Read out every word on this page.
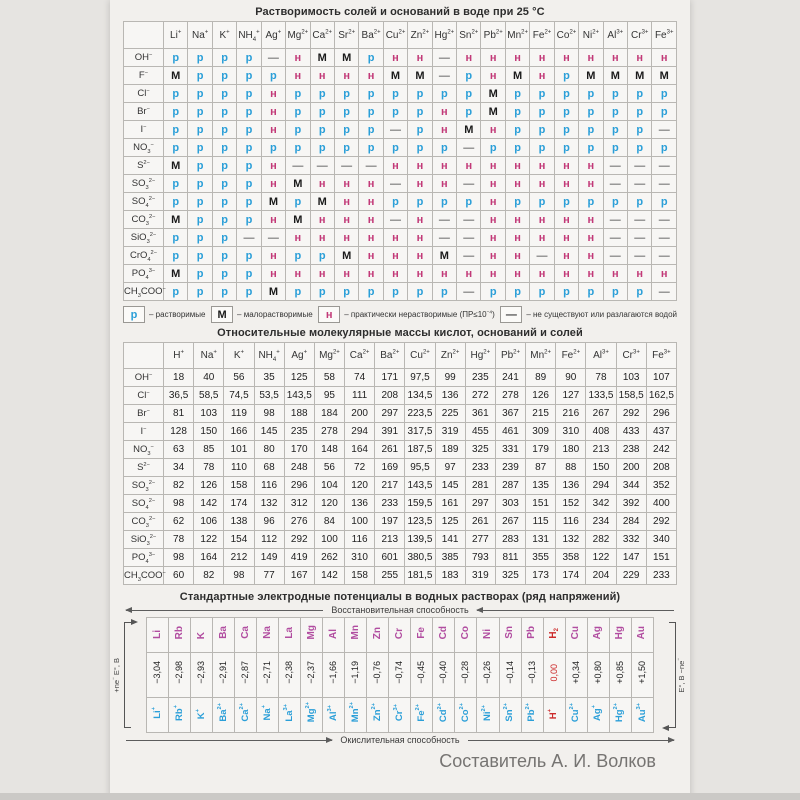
Растворимость солей и оснований в воде при 25 °С
	Li+	Na+	K+	$NH_4^+$	Ag+	$Mg^{2+}$	$Ca^{2+}$	$Sr^{2+}$	$Ba^{2+}$	$Cu^{2+}$	$Zn^{2+}$	$Hg^{2+}$	$Sn^{2+}$	$Pb^{2+}$	$Mn^{2+}$	$Fe^{2+}$	$Co^{2+}$	$Ni^{2+}$	$Al^{3+}$	$Cr^{3+}$	$Fe^{3+}$
OH−	р	р	р	р	—	н	М	М	р	н	н	—	н	н	н	н	н	н	н	н	н
F−	М	р	р	р	р	н	н	н	н	М	М	—	р	н	М	н	р	М	М	М	М
Cl−	р	р	р	р	н	р	р	р	р	р	р	р	р	М	р	р	р	р	р	р	р
Br−	р	р	р	р	н	р	р	р	р	р	р	н	р	М	р	р	р	р	р	р	р
I−	р	р	р	р	н	р	р	р	р	—	р	н	М	н	р	р	р	р	р	р	—
$NO_3^-$	р	р	р	р	р	р	р	р	р	р	р	р	—	р	р	р	р	р	р	р	р
$S^{2-}$	М	р	р	р	н	—	—	—	—	н	н	н	н	н	н	н	н	н	—	—	—
$SO_3^{2-}$	р	р	р	р	н	М	н	н	н	—	н	н	—	н	н	н	н	н	—	—	—
$SO_4^{2-}$	р	р	р	р	М	р	М	н	н	р	р	р	р	н	р	р	р	р	р	р	р
$CO_3^{2-}$	М	р	р	р	н	М	н	н	н	—	н	—	—	н	н	н	н	н	—	—	—
SiO$_3^{2-}$	р	р	р	—	—	н	н	н	н	н	н	—	—	н	н	н	н	н	—	—	—
CrO$_4^{2-}$	р	р	р	р	н	р	р	М	н	н	н	М	—	н	н	—	н	н	—	—	—
$PO_4^{3-}$	М	р	р	р	н	н	н	н	н	н	н	н	н	н	н	н	н	н	н	н	н
$CH_3COO^-$	р	р	р	р	М	р	р	р	р	р	р	р	—	р	р	р	р	р	р	р	—
р	– растворимые	М	– малорастворимые	н	– практически нерастворимые $(ПР\le 10^{-4})$	—	– не существуют или разлагаются водой
Относительные молекулярные массы кислот, оснований и солей
	H+	Na+	K+	$NH_4^+$	Ag+	$Mg^{2+}$	$Ca^{2+}$	$Ba^{2+}$	$Cu^{2+}$	$Zn^{2+}$	$Hg^{2+}$	$Pb^{2+}$	$Mn^{2+}$	$Fe^{2+}$	$Al^{3+}$	$Cr^{3+}$	$Fe^{3+}$
OH−	18	40	56	35	125	58	74	171	97,5	99	235	241	89	90	78	103	107
Cl−	36,5	58,5	74,5	53,5	143,5	95	111	208	134,5	136	272	278	126	127	133,5	158,5	162,5
Br−	81	103	119	98	188	184	200	297	223,5	225	361	367	215	216	267	292	296
I−	128	150	166	145	235	278	294	391	317,5	319	455	461	309	310	408	433	437
$NO_3^-$	63	85	101	80	170	148	164	261	187,5	189	325	331	179	180	213	238	242
$S^{2-}$	34	78	110	68	248	56	72	169	95,5	97	233	239	87	88	150	200	208
$SO_3^{2-}$	82	126	158	116	296	104	120	217	143,5	145	281	287	135	136	294	344	352
$SO_4^{2-}$	98	142	174	132	312	120	136	233	159,5	161	297	303	151	152	342	392	400
$CO_3^{2-}$	62	106	138	96	276	84	100	197	123,5	125	261	267	115	116	234	284	292
SiO$_3^{2-}$	78	122	154	112	292	100	116	213	139,5	141	277	283	131	132	282	332	340
$PO_4^{3-}$	98	164	212	149	419	262	310	601	380,5	385	793	811	355	358	122	147	151
$CH_3COO^-$	60	82	98	77	167	142	158	255	181,5	183	319	325	173	174	204	229	233
Стандартные электродные потенциалы в водных растворах (ряд напряжений)
Восстановительная способность
+ne− E°, В
Li	Rb	K	Ba	Ca	Na	La	Mg	Al	Mn	Zn	Cr	Fe	Cd	Co	Ni	Sn	Pb	$H_2$	Cu	Ag	Hg	Au
−3,04	−2,98	−2,93	−2,91	−2,87	−2,71	−2,38	−2,37	−1,66	−1,19	−0,76	−0,74	−0,45	−0,40	−0,28	−0,26	−0,14	−0,13	0,00	+0,34	+0,80	+0,85	+1,50
Li+	Rb+	K+	$Ba^{2+}$	$Ca^{2+}$	Na+	$La^{3+}$	$Mg^{2+}$	$Al^{3+}$	$Mn^{2+}$	$Zn^{2+}$	$Cr^{3+}$	$Fe^{2+}$	$Cd^{2+}$	$Co^{2+}$	$Ni^{2+}$	$Sn^{2+}$	$Pb^{2+}$	H+	$Cu^{2+}$	Ag+	$Hg^{2+}$	$Au^{3+}$
E°, В −ne−
Окислительная способность
Составитель А. И. Волков
